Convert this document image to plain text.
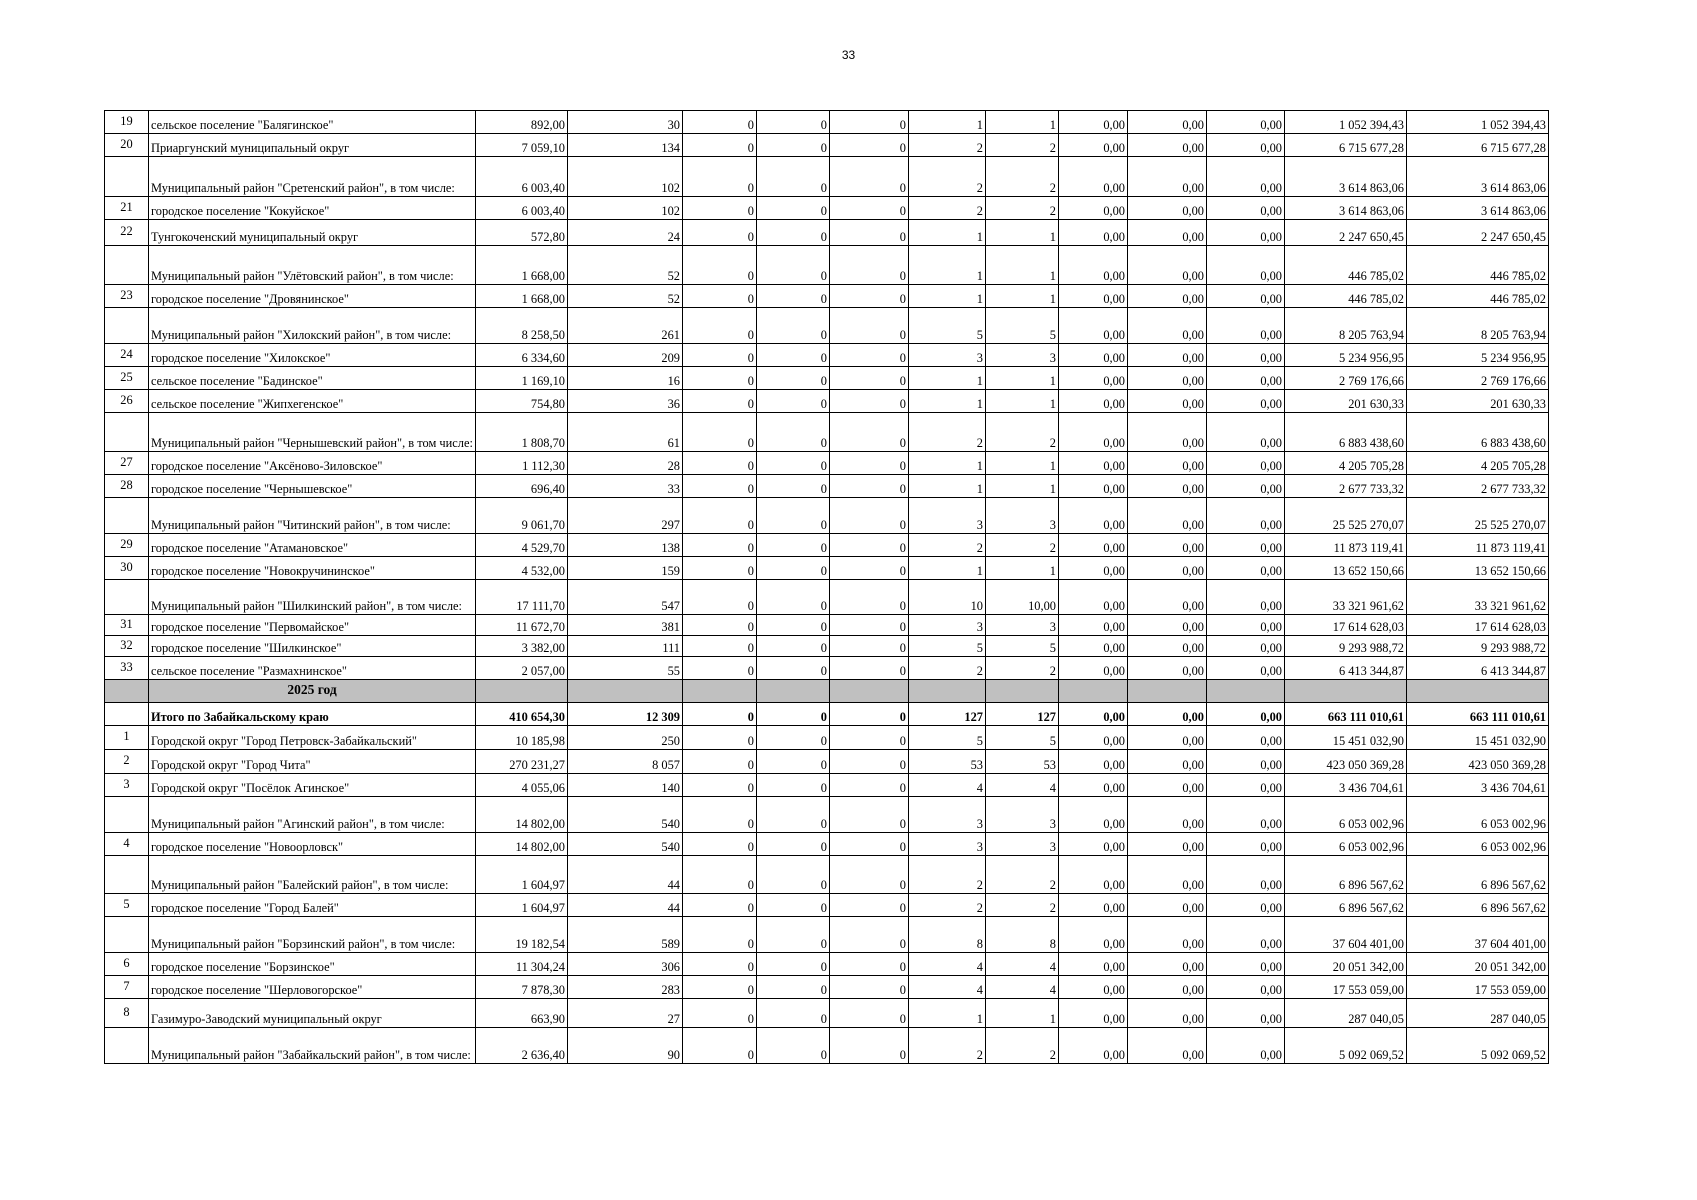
33
19	сельское поселение "Балягинское"	892,00	30	0	0	0	1	1	0,00	0,00	0,00	1 052 394,43	1 052 394,43
20	Приаргунский муниципальный округ	7 059,10	134	0	0	0	2	2	0,00	0,00	0,00	6 715 677,28	6 715 677,28
	Муниципальный район "Сретенский район", в том числе:	6 003,40	102	0	0	0	2	2	0,00	0,00	0,00	3 614 863,06	3 614 863,06
21	городское поселение "Кокуйское"	6 003,40	102	0	0	0	2	2	0,00	0,00	0,00	3 614 863,06	3 614 863,06
22	Тунгокоченский муниципальный округ	572,80	24	0	0	0	1	1	0,00	0,00	0,00	2 247 650,45	2 247 650,45
	Муниципальный район "Улётовский район", в том числе:	1 668,00	52	0	0	0	1	1	0,00	0,00	0,00	446 785,02	446 785,02
23	городское поселение "Дровянинское"	1 668,00	52	0	0	0	1	1	0,00	0,00	0,00	446 785,02	446 785,02
	Муниципальный район "Хилокский район", в том числе:	8 258,50	261	0	0	0	5	5	0,00	0,00	0,00	8 205 763,94	8 205 763,94
24	городское поселение "Хилокское"	6 334,60	209	0	0	0	3	3	0,00	0,00	0,00	5 234 956,95	5 234 956,95
25	сельское поселение "Бадинское"	1 169,10	16	0	0	0	1	1	0,00	0,00	0,00	2 769 176,66	2 769 176,66
26	сельское поселение "Жипхегенское"	754,80	36	0	0	0	1	1	0,00	0,00	0,00	201 630,33	201 630,33
	Муниципальный район "Чернышевский район", в том числе:	1 808,70	61	0	0	0	2	2	0,00	0,00	0,00	6 883 438,60	6 883 438,60
27	городское поселение "Аксёново-Зиловское"	1 112,30	28	0	0	0	1	1	0,00	0,00	0,00	4 205 705,28	4 205 705,28
28	городское поселение "Чернышевское"	696,40	33	0	0	0	1	1	0,00	0,00	0,00	2 677 733,32	2 677 733,32
	Муниципальный район "Читинский район", в том числе:	9 061,70	297	0	0	0	3	3	0,00	0,00	0,00	25 525 270,07	25 525 270,07
29	городское поселение "Атамановское"	4 529,70	138	0	0	0	2	2	0,00	0,00	0,00	11 873 119,41	11 873 119,41
30	городское поселение "Новокручининское"	4 532,00	159	0	0	0	1	1	0,00	0,00	0,00	13 652 150,66	13 652 150,66
	Муниципальный район "Шилкинский район", в том числе:	17 111,70	547	0	0	0	10	10,00	0,00	0,00	0,00	33 321 961,62	33 321 961,62
31	городское поселение "Первомайское"	11 672,70	381	0	0	0	3	3	0,00	0,00	0,00	17 614 628,03	17 614 628,03
32	городское поселение "Шилкинское"	3 382,00	111	0	0	0	5	5	0,00	0,00	0,00	9 293 988,72	9 293 988,72
33	сельское поселение "Размахнинское"	2 057,00	55	0	0	0	2	2	0,00	0,00	0,00	6 413 344,87	6 413 344,87
	2025 год												
	Итого по Забайкальскому краю	410 654,30	12 309	0	0	0	127	127	0,00	0,00	0,00	663 111 010,61	663 111 010,61
1	Городской округ "Город Петровск-Забайкальский"	10 185,98	250	0	0	0	5	5	0,00	0,00	0,00	15 451 032,90	15 451 032,90
2	Городской округ "Город Чита"	270 231,27	8 057	0	0	0	53	53	0,00	0,00	0,00	423 050 369,28	423 050 369,28
3	Городской округ "Посёлок Агинское"	4 055,06	140	0	0	0	4	4	0,00	0,00	0,00	3 436 704,61	3 436 704,61
	Муниципальный район "Агинский район", в том числе:	14 802,00	540	0	0	0	3	3	0,00	0,00	0,00	6 053 002,96	6 053 002,96
4	городское поселение "Новоорловск"	14 802,00	540	0	0	0	3	3	0,00	0,00	0,00	6 053 002,96	6 053 002,96
	Муниципальный район "Балейский район", в том числе:	1 604,97	44	0	0	0	2	2	0,00	0,00	0,00	6 896 567,62	6 896 567,62
5	городское поселение "Город Балей"	1 604,97	44	0	0	0	2	2	0,00	0,00	0,00	6 896 567,62	6 896 567,62
	Муниципальный район "Борзинский район", в том числе:	19 182,54	589	0	0	0	8	8	0,00	0,00	0,00	37 604 401,00	37 604 401,00
6	городское поселение "Борзинское"	11 304,24	306	0	0	0	4	4	0,00	0,00	0,00	20 051 342,00	20 051 342,00
7	городское поселение "Шерловогорское"	7 878,30	283	0	0	0	4	4	0,00	0,00	0,00	17 553 059,00	17 553 059,00
8	Газимуро-Заводский муниципальный округ	663,90	27	0	0	0	1	1	0,00	0,00	0,00	287 040,05	287 040,05
	Муниципальный район "Забайкальский район", в том числе:	2 636,40	90	0	0	0	2	2	0,00	0,00	0,00	5 092 069,52	5 092 069,52
